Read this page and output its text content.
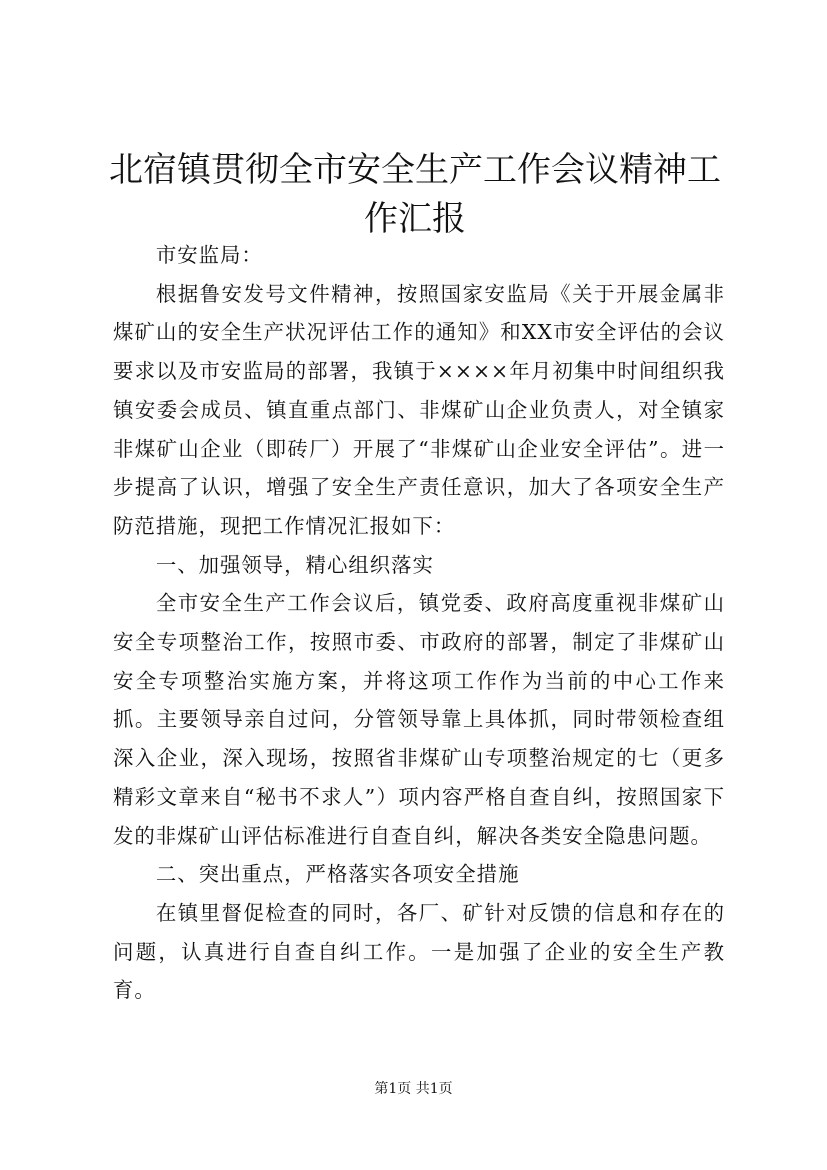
北宿镇贯彻全市安全生产工作会议精神工作汇报

市安监局：

根据鲁安发号文件精神，按照国家安监局《关于开展金属非煤矿山的安全生产状况评估工作的通知》和XX市安全评估的会议要求以及市安监局的部署，我镇于××××年月初集中时间组织我镇安委会成员、镇直重点部门、非煤矿山企业负责人，对全镇家非煤矿山企业（即砖厂）开展了“非煤矿山企业安全评估”。进一步提高了认识，增强了安全生产责任意识，加大了各项安全生产防范措施，现把工作情况汇报如下：

一、加强领导，精心组织落实

全市安全生产工作会议后，镇党委、政府高度重视非煤矿山安全专项整治工作，按照市委、市政府的部署，制定了非煤矿山安全专项整治实施方案，并将这项工作作为当前的中心工作来抓。主要领导亲自过问，分管领导靠上具体抓，同时带领检查组深入企业，深入现场，按照省非煤矿山专项整治规定的七（更多精彩文章来自“秘书不求人”）项内容严格自查自纠，按照国家下发的非煤矿山评估标准进行自查自纠，解决各类安全隐患问题。

二、突出重点，严格落实各项安全措施

在镇里督促检查的同时，各厂、矿针对反馈的信息和存在的问题，认真进行自查自纠工作。一是加强了企业的安全生产教育。

第1页 共1页
